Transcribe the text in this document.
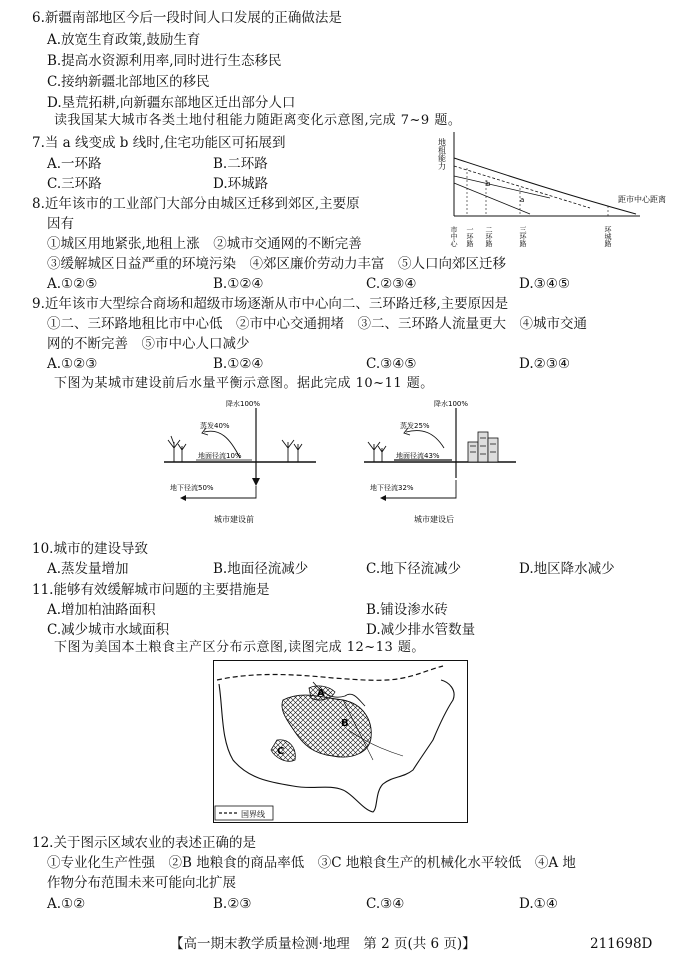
6.新疆南部地区今后一段时间人口发展的正确做法是
A.放宽生育政策,鼓励生育
B.提高水资源利用率,同时进行生态移民
C.接纳新疆北部地区的移民
D.垦荒拓耕,向新疆东部地区迁出部分人口
读我国某大城市各类土地付租能力随距离变化示意图,完成 7~9 题。
7.当 a 线变成 b 线时,住宅功能区可拓展到
A.一环路	B.二环路
C.三环路	D.环城路
8.近年该市的工业部门大部分由城区迁移到郊区,主要原
因有
①城区用地紧张,地租上涨　②城市交通网的不断完善
③缓解城区日益严重的环境污染　④郊区廉价劳动力丰富　⑤人口向郊区迁移
A.①②⑤	B.①②④	C.②③④	D.③④⑤
地租能力
b
a	距市中心距离
市中心 一环路 二环路	三环路	环城路
9.近年该市大型综合商场和超级市场逐渐从市中心向二、三环路迁移,主要原因是
①二、三环路地租比市中心低　②市中心交通拥堵　③二、三环路人流量更大　④城市交通
网的不断完善　⑤市中心人口减少
A.①②③	B.①②④	C.③④⑤	D.②③④
下图为某城市建设前后水量平衡示意图。据此完成 10~11 题。
降水100%
蒸发40%
地面径流10%
地下径流50%
城市建设前
降水100%
蒸发25%
地面径流43%
地下径流32%
城市建设后
10.城市的建设导致
A.蒸发量增加	B.地面径流减少	C.地下径流减少	D.地区降水减少
11.能够有效缓解城市问题的主要措施是
A.增加柏油路面积	B.铺设渗水砖
C.减少城市水域面积	D.减少排水管数量
下图为美国本土粮食主产区分布示意图,读图完成 12~13 题。
A
B
C
国界线
12.关于图示区域农业的表述正确的是
①专业化生产性强　②B 地粮食的商品率低　③C 地粮食生产的机械化水平较低　④A 地
作物分布范围未来可能向北扩展
A.①②	B.②③	C.③④	D.①④
【高一期末教学质量检测·地理　第 2 页(共 6 页)】	211698D
